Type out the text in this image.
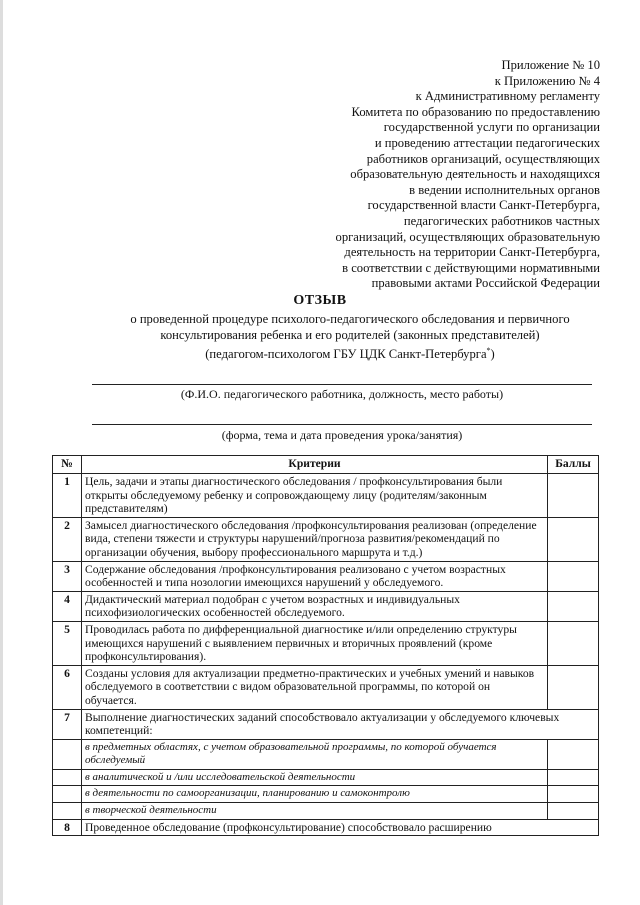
Приложение № 10
к Приложению № 4
к Административному регламенту
Комитета по образованию по предоставлению
государственной услуги по организации
и проведению аттестации педагогических
работников организаций, осуществляющих
образовательную деятельность и находящихся
в ведении исполнительных органов
государственной власти Санкт-Петербурга,
педагогических работников частных
организаций, осуществляющих образовательную
деятельность на территории Санкт-Петербурга,
в соответствии с действующими нормативными
правовыми актами Российской Федерации
ОТЗЫВ
о проведенной процедуре психолого-педагогического обследования и первичного
консультирования ребенка и его родителей (законных представителей)
(педагогом-психологом ГБУ ЦДК Санкт-Петербурга*)
(Ф.И.О. педагогического работника, должность, место работы)
(форма, тема и дата проведения урока/занятия)
№	Критерии	Баллы
1	Цель, задачи и этапы диагностического обследования / профконсультирования были открыты обследуемому ребенку и сопровождающему лицу (родителям/законным представителям)	
2	Замысел диагностического обследования /профконсультирования реализован (определение вида, степени тяжести и структуры нарушений/прогноза развития/рекомендаций по организации обучения, выбору профессионального маршрута и т.д.)	
3	Содержание обследования /профконсультирования реализовано с учетом возрастных особенностей и типа нозологии имеющихся нарушений у обследуемого.	
4	Дидактический материал подобран с учетом возрастных и индивидуальных психофизиологических особенностей обследуемого.	
5	Проводилась работа по дифференциальной диагностике и/или определению структуры имеющихся нарушений с выявлением первичных и вторичных проявлений (кроме профконсультирования).	
6	Созданы условия для актуализации предметно-практических и учебных умений и навыков обследуемого в соответствии с видом образовательной программы, по которой он обучается.	
7	Выполнение диагностических заданий способствовало актуализации у обследуемого ключевых компетенций:	
	в предметных областях, с учетом образовательной программы, по которой обучается обследуемый	
	в аналитической и /или исследовательской деятельности	
	в деятельности по самоорганизации, планированию и самоконтролю	
	в творческой деятельности	
8	Проведенное обследование (профконсультирование) способствовало расширению	
